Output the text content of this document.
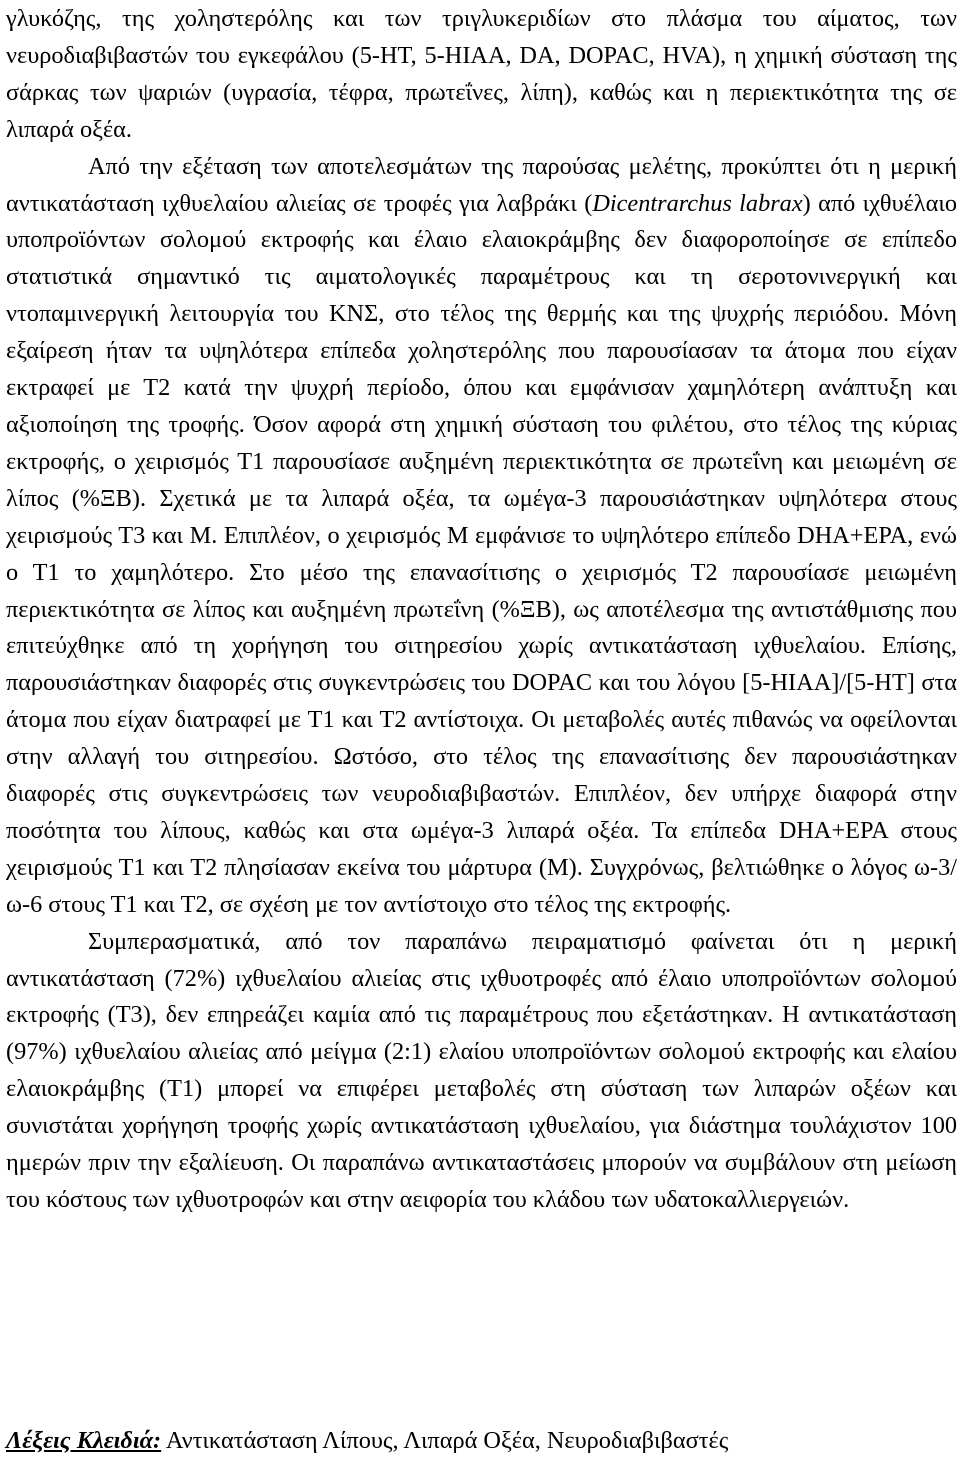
γλυκόζης, της χοληστερόλης και των τριγλυκεριδίων στο πλάσμα του αίματος, των νευροδιαβιβαστών του εγκεφάλου (5-HT, 5-HIAA, DA, DOPAC, HVA), η χημική σύσταση της σάρκας των ψαριών (υγρασία, τέφρα, πρωτεΐνες, λίπη), καθώς και η περιεκτικότητα της σε λιπαρά οξέα.

Από την εξέταση των αποτελεσμάτων της παρούσας μελέτης, προκύπτει ότι η μερική αντικατάσταση ιχθυελαίου αλιείας σε τροφές για λαβράκι (Dicentrarchus labrax) από ιχθυέλαιο υποπροϊόντων σολομού εκτροφής και έλαιο ελαιοκράμβης δεν διαφοροποίησε σε επίπεδο στατιστικά σημαντικό τις αιματολογικές παραμέτρους και τη σεροτονινεργική και ντοπαμινεργική λειτουργία του ΚΝΣ, στο τέλος της θερμής και της ψυχρής περιόδου. Μόνη εξαίρεση ήταν τα υψηλότερα επίπεδα χοληστερόλης που παρουσίασαν τα άτομα που είχαν εκτραφεί με Τ2 κατά την ψυχρή περίοδο, όπου και εμφάνισαν χαμηλότερη ανάπτυξη και αξιοποίηση της τροφής. Όσον αφορά στη χημική σύσταση του φιλέτου, στο τέλος της κύριας εκτροφής, ο χειρισμός Τ1 παρουσίασε αυξημένη περιεκτικότητα σε πρωτεΐνη και μειωμένη σε λίπος (%ΞΒ). Σχετικά με τα λιπαρά οξέα, τα ωμέγα-3 παρουσιάστηκαν υψηλότερα στους χειρισμούς Τ3 και Μ. Επιπλέον, ο χειρισμός Μ εμφάνισε το υψηλότερο επίπεδο DHA+EPA, ενώ ο Τ1 το χαμηλότερο. Στο μέσο της επανασίτισης ο χειρισμός Τ2 παρουσίασε μειωμένη περιεκτικότητα σε λίπος και αυξημένη πρωτεΐνη (%ΞΒ), ως αποτέλεσμα της αντιστάθμισης που επιτεύχθηκε από τη χορήγηση του σιτηρεσίου χωρίς αντικατάσταση ιχθυελαίου. Επίσης, παρουσιάστηκαν διαφορές στις συγκεντρώσεις του DOPAC και του λόγου [5-HIAA]/[5-HT] στα άτομα που είχαν διατραφεί με Τ1 και Τ2 αντίστοιχα. Οι μεταβολές αυτές πιθανώς να οφείλονται στην αλλαγή του σιτηρεσίου. Ωστόσο, στο τέλος της επανασίτισης δεν παρουσιάστηκαν διαφορές στις συγκεντρώσεις των νευροδιαβιβαστών. Επιπλέον, δεν υπήρχε διαφορά στην ποσότητα του λίπους, καθώς και στα ωμέγα-3 λιπαρά οξέα. Τα επίπεδα DHA+EPA στους χειρισμούς Τ1 και Τ2 πλησίασαν εκείνα του μάρτυρα (Μ). Συγχρόνως, βελτιώθηκε ο λόγος ω-3/ω-6 στους Τ1 και Τ2, σε σχέση με τον αντίστοιχο στο τέλος της εκτροφής.

Συμπερασματικά, από τον παραπάνω πειραματισμό φαίνεται ότι η μερική αντικατάσταση (72%) ιχθυελαίου αλιείας στις ιχθυοτροφές από έλαιο υποπροϊόντων σολομού εκτροφής (Τ3), δεν επηρεάζει καμία από τις παραμέτρους που εξετάστηκαν. Η αντικατάσταση (97%) ιχθυελαίου αλιείας από μείγμα (2:1) ελαίου υποπροϊόντων σολομού εκτροφής και ελαίου ελαιοκράμβης (Τ1) μπορεί να επιφέρει μεταβολές στη σύσταση των λιπαρών οξέων και συνιστάται χορήγηση τροφής χωρίς αντικατάσταση ιχθυελαίου, για διάστημα τουλάχιστον 100 ημερών πριν την εξαλίευση. Οι παραπάνω αντικαταστάσεις μπορούν να συμβάλουν στη μείωση του κόστους των ιχθυοτροφών και στην αειφορία του κλάδου των υδατοκαλλιεργειών.

Λέξεις Κλειδιά: Αντικατάσταση Λίπους, Λιπαρά Οξέα, Νευροδιαβιβαστές
